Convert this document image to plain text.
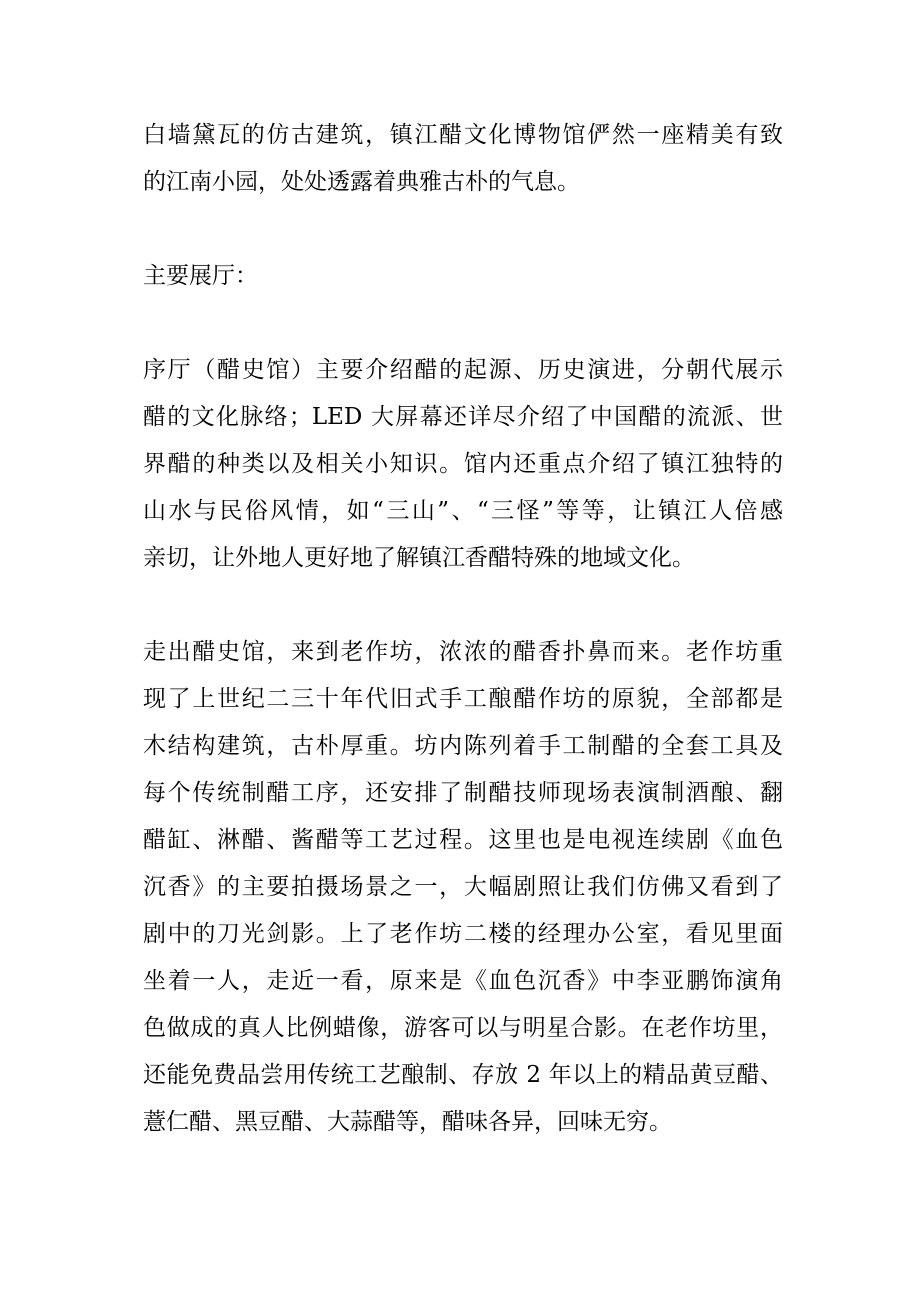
白墙黛瓦的仿古建筑，镇江醋文化博物馆俨然一座精美有致
的江南小园，处处透露着典雅古朴的气息。
主要展厅：
序厅（醋史馆）主要介绍醋的起源、历史演进，分朝代展示
醋的文化脉络；LED 大屏幕还详尽介绍了中国醋的流派、世
界醋的种类以及相关小知识。馆内还重点介绍了镇江独特的
山水与民俗风情，如“三山”、“三怪”等等，让镇江人倍感
亲切，让外地人更好地了解镇江香醋特殊的地域文化。
走出醋史馆，来到老作坊，浓浓的醋香扑鼻而来。老作坊重
现了上世纪二三十年代旧式手工酿醋作坊的原貌，全部都是
木结构建筑，古朴厚重。坊内陈列着手工制醋的全套工具及
每个传统制醋工序，还安排了制醋技师现场表演制酒酿、翻
醋缸、淋醋、酱醋等工艺过程。这里也是电视连续剧《血色
沉香》的主要拍摄场景之一，大幅剧照让我们仿佛又看到了
剧中的刀光剑影。上了老作坊二楼的经理办公室，看见里面
坐着一人，走近一看，原来是《血色沉香》中李亚鹏饰演角
色做成的真人比例蜡像，游客可以与明星合影。在老作坊里，
还能免费品尝用传统工艺酿制、存放 2 年以上的精品黄豆醋、
薏仁醋、黑豆醋、大蒜醋等，醋味各异，回味无穷。
